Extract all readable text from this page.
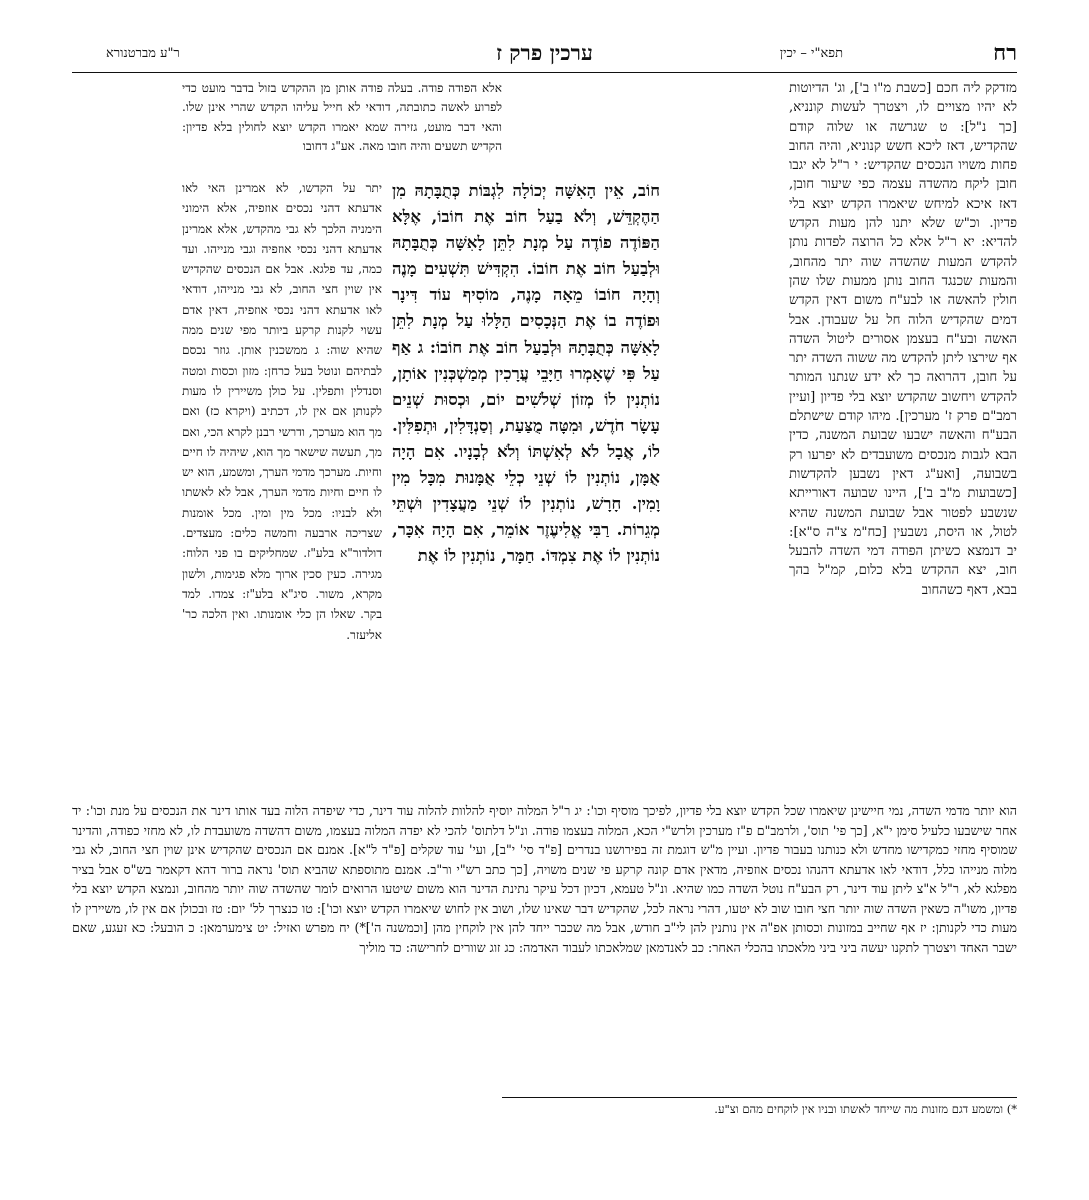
רח
תפא"י – יכין
ערכין פרק ז
ר"ע מברטנורא

מזדקק ליה חכם [כשבת מ"ו ב'], וג' הדיוטות לא יהיו מצויים לו, ויצטרך לעשות קונניא, [כך נ"ל]: ט שגרשה או שלוה קודם שהקדיש, דאז ליכא חשש קנוניא, והיה החוב פחות משויו הנכסים שהקדיש: י ר"ל לא יגבו חובן ליקח מהשדה עצמה כפי שיעור חובן, דאז איכא למיחש שיאמרו הקדש יוצא בלי פדיון. וכ"ש שלא יתנו להן מעות הקדש להדיא: יא ר"ל אלא כל הרוצה לפדות נותן להקדש המעות שהשדה שוה יתר מהחוב, והמעות שכנגד החוב נותן ממעות שלו שהן חולין להאשה או לבע"ח משום דאין הקדש דמים שהקדיש הלוה חל על שעבודן. אבל האשה ובע"ח בעצמן אסורים ליטול השדה אף שירצו ליתן להקדש מה ששוה השדה יתר על חובן, דהרואה כך לא ידע שנתנו המותר להקדש ויחשוב שהקדש יוצא בלי פדיון [ועיין רמב"ם פרק ז' מערכין]. מיהו קודם שישתלם הבע"ח והאשה ישבעו שבועת המשנה, כדין הבא לגבות מנכסים משועבדים לא יפרעו רק בשבועה, [ואע"ג דאין נשבען להקדשות [כשבועות מ"ב ב'], היינו שבועה דאורייתא שנשבע לפטור אבל שבועת המשנה שהיא לטול, או היסת, נשבעין [כח"מ צ"ה ס"א]: יב דנמצא כשיתן הפודה דמי השדה להבעל חוב, יצא ההקדש בלא כלום, קמ"ל בהך בבא, דאף כשהחוב

אלא הפודה פודה. בעלה פודה אותן מן ההקדש בזול בדבר מועט כדי לפרוע לאשה כתובתה, דודאי לא חייל עליהו הקדש שהרי אינן שלו. והאי דבר מועט, גזירה שמא יאמרו הקדש יוצא לחולין בלא פדיון: הקדיש תשעים והיה חובו מאה. אע"ג דחובו

חוֹב, אֵין הָאִשָּׁה יְכוֹלָה לִגְבּוֹת כְּתֻבָּתָהּ מִן הַהֶקְדֵּשׁ, וְלֹא בַעַל חוֹב אֶת חוֹבוֹ, אֶלָּא הַפּוֹדֶה פוֹדֶה עַל מְנָת לִתֵּן לָאִשָּׁה כְּתֻבָּתָהּ וּלְבַעַל חוֹב אֶת חוֹבוֹ. הִקְדִּישׁ תִּשְׁעִים מָנֶה וְהָיָה חוֹבוֹ מֵאָה מָנֶה, מוֹסִיף עוֹד דִּינָר וּפוֹדֶה בוֹ אֶת הַנְּכָסִים הַלָּלוּ עַל מְנָת לִתֵּן לָאִשָּׁה כְּתֻבָּתָהּ וּלְבַעַל חוֹב אֶת חוֹבוֹ: ג אַף עַל פִּי שֶׁאָמְרוּ חַיָּבֵי עֲרָכִין מְמַשְׁכְּנִין אוֹתָן, נוֹתְנִין לוֹ מְזוֹן שְׁלֹשִׁים יוֹם, וּכְסוּת שְׁנֵים עָשָׂר חֹדֶשׁ, וּמִטָּה מֻצַּעַת, וְסַנְדָּלִין, וּתְפִלִּין. לוֹ, אֲבָל לֹא לְאִשְׁתּוֹ וְלֹא לְבָנָיו. אִם הָיָה אֻמָּן, נוֹתְנִין לוֹ שְׁנֵי כְלֵי אֻמָּנוּת מִכָּל מִין וָמִין. חָרָשׁ, נוֹתְנִין לוֹ שְׁנֵי מַעֲצָדִין וּשְׁתֵּי מְגֵרוֹת. רַבִּי אֱלִיעֶזֶר אוֹמֵר, אִם הָיָה אִכָּר, נוֹתְנִין לוֹ אֶת צִמְדּוֹ. חַמָּר, נוֹתְנִין לוֹ אֶת

יתר על הקדשו, לא אמרינן האי לאו אדעתא דהני נכסים אוזפיה, אלא הימוני הימניה הלכך לא גבי מהקדש, אלא אמרינן אדעתא דהני נכסי אוזפיה וגבי מנייהו. ועד כמה, עד פלגא. אבל אם הנכסים שהקדיש אין שוין חצי החוב, לא גבי מנייהו, דודאי לאו אדעתא דהני נכסי אוזפיה, דאין אדם עשוי לקנות קרקע ביותר מפי שנים ממה שהיא שוה: ג ממשכנין אותן. גוזר נכסם לבתיהם ונוטל בעל כרחן: מזון וכסות ומטה וסנדלין ותפלין. על כולן משיירין לו מעות לקנותן אם אין לו, דכתיב (ויקרא כז) ואם מך הוא מערכך, ודרשי רבנן לקרא הכי, ואם מך, תעשה שישאר מך הוא, שיהיה לו חיים וחיות. מערכך מדמי הערך, ומשמע, הוא יש לו חיים וחיות מדמי הערך, אבל לא לאשתו ולא לבניו: מכל מין ומין. מכל אומנות שצריכה ארבעה וחמשה כלים: מעצדים. דולדור"א בלע"ז. שמחליקים בו פני הלוח: מגירה. כעין סכין ארוך מלא פגימות, ולשון מקרא, משור. סיג"א בלע"ז: צמדו. למד בקר. שאלו הן כלי אומנותו. ואין הלכה כר' אליעזר.

הוא יותר מדמי השדה, נמי חיישינן שיאמרו שכל הקדש יוצא בלי פדיון, לפיכך מוסיף וכו': יג ר"ל המלוה יוסיף להלוות להלוה עוד דינר, כדי שיפדה הלוה בעד אותו דינר את הנכסים על מנת וכו': יד אחר שישבעו כלעיל סימן י"א, [כך פי' תוס', ולרמב"ם פ"ז מערכין ולרש"י הכא, המלוה בעצמו פודה. ונ"ל דלתוס' להכי לא יפדה המלוה בעצמו, משום דהשדה משועבדת לו, לא מחזי כפודה, והדינר שמוסיף מחזי כמקדישו מחדש ולא כנותנו בעבור פדיון. ועיין מ"ש דוגמת זה בפירושנו בנדרים [פ"ד סי' י"ב], ועי' עוד שקלים [פ"ד ל"א]. אמנם אם הנכסים שהקדיש אינן שוין חצי החוב, לא גבי מלוה מנייהו כלל, דודאי לאו אדעתא דהנהו נכסים אוזפיה, מדאין אדם קונה קרקע פי שנים משויה, [כך כתב רש"י ור"ב. אמנם מתוספתא שהביא תוס' נראה ברור דהא דקאמר בש"ס אבל בציר מפלגא לא, ר"ל א"צ ליתן עוד דינר, רק הבע"ח נוטל השדה כמו שהיא. ונ"ל טעמא, דכיון דכל עיקר נתינת הדינר הוא משום שיטעו הרואים לומר שהשדה שוה יותר מהחוב, ונמצא הקדש יוצא בלי פדיון, משו"ה כשאין השדה שוה יותר חצי חובו שוב לא יטעו, דהרי נראה לכל, שהקדיש דבר שאינו שלו, ושוב אין לחוש שיאמרו הקדש יוצא וכו']: טו כנצרך לל' יום: טז ובכולן אם אין לו, משיירין לו מעות כדי לקנותן: יז אף שחייב במזונות וכסותן אפ"ה אין נותנין להן לי"ב חודש, אבל מה שכבר ייחד להן אין לוקחין מהן [וכמשנה ה']*) יח מפרש ואזיל: יט צימערמאן: כ הובעל: כא זעגע, שאם ישבר האחד ויצטרך לתקנו יעשה ביני ביני מלאכתו בהכלי האחר: כב לאנדמאן שמלאכתו לעבוד האדמה: כג זוג שוורים לחרישה: כד מוליך

*) ומשמע דגם מזונות מה שייחד לאשתו ובניו אין לוקחים מהם וצ"ע.
